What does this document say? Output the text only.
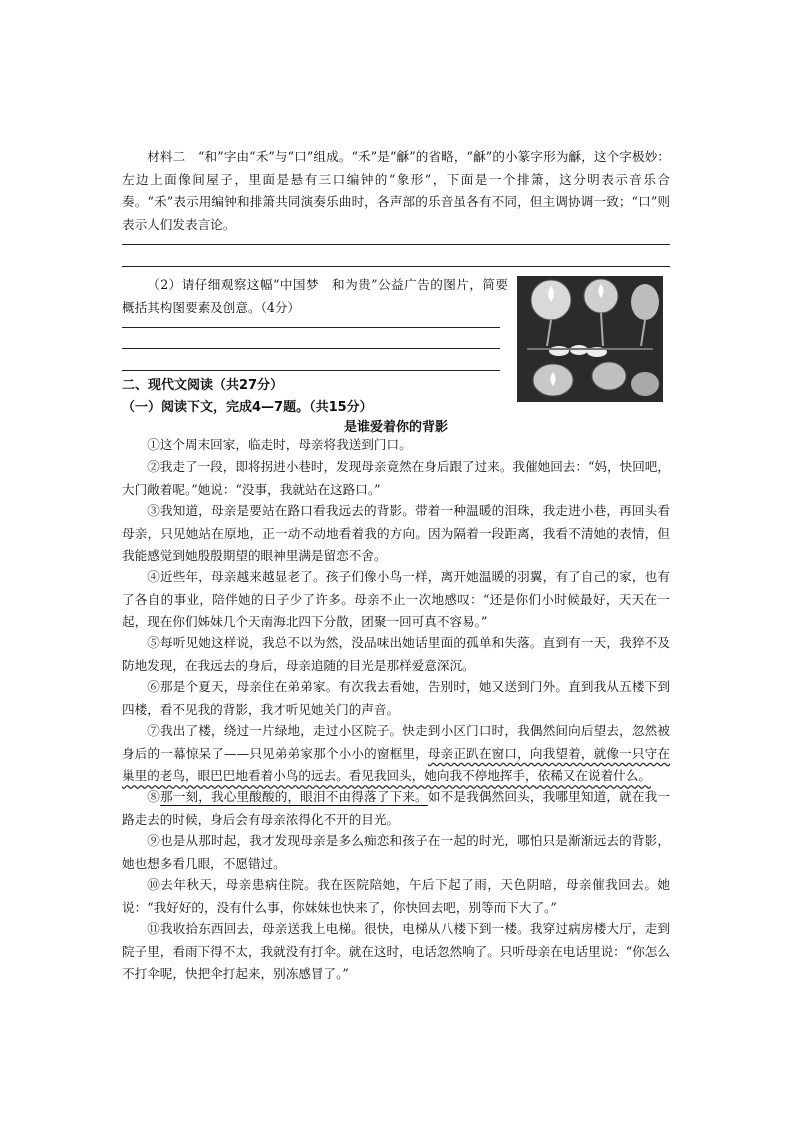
材料二　“和”字由“禾”与“口”组成。“禾”是“龢”的省略，“龢”的小篆字形为龢，这个字极妙：左边上面像间屋子，里面是悬有三口编钟的“象形”，下面是一个排箫，这分明表示音乐合奏。“禾”表示用编钟和排箫共同演奏乐曲时，各声部的乐音虽各有不同，但主调协调一致；“口”则表示人们发表言论。
（2）请仔细观察这幅“中国梦　和为贵”公益广告的图片，简要概括其构图要素及创意。（4分）
二、现代文阅读（共27分）
（一）阅读下文，完成4—7题。（共15分）
是谁爱着你的背影
①这个周末回家，临走时，母亲将我送到门口。
②我走了一段，即将拐进小巷时，发现母亲竟然在身后跟了过来。我催她回去：“妈，快回吧，大门敞着呢。”她说：“没事，我就站在这路口。”
③我知道，母亲是要站在路口看我远去的背影。带着一种温暖的泪珠，我走进小巷，再回头看母亲，只见她站在原地，正一动不动地看着我的方向。因为隔着一段距离，我看不清她的表情，但我能感觉到她殷殷期望的眼神里满是留恋不舍。
④近些年，母亲越来越显老了。孩子们像小鸟一样，离开她温暖的羽翼，有了自己的家，也有了各自的事业，陪伴她的日子少了许多。母亲不止一次地感叹：“还是你们小时候最好，天天在一起，现在你们姊妹几个天南海北四下分散，团聚一回可真不容易。”
⑤每听见她这样说，我总不以为然，没品味出她话里面的孤单和失落。直到有一天，我猝不及防地发现，在我远去的身后，母亲追随的目光是那样爱意深沉。
⑥那是个夏天，母亲住在弟弟家。有次我去看她，告别时，她又送到门外。直到我从五楼下到四楼，看不见我的背影，我才听见她关门的声音。
⑦我出了楼，绕过一片绿地，走过小区院子。快走到小区门口时，我偶然间向后望去，忽然被身后的一幕惊呆了——只见弟弟家那个小小的窗框里，母亲正趴在窗口，向我望着，就像一只守在巢里的老鸟，眼巴巴地看着小鸟的远去。看见我回头，她向我不停地挥手，依稀又在说着什么。
⑧那一刻，我心里酸酸的，眼泪不由得落了下来。如不是我偶然回头，我哪里知道，就在我一路走去的时候，身后会有母亲浓得化不开的目光。
⑨也是从那时起，我才发现母亲是多么痴恋和孩子在一起的时光，哪怕只是渐渐远去的背影，她也想多看几眼，不愿错过。
⑩去年秋天，母亲患病住院。我在医院陪她，午后下起了雨，天色阴暗，母亲催我回去。她说：“我好好的，没有什么事，你妹妹也快来了，你快回去吧，别等而下大了。”
⑪我收拾东西回去，母亲送我上电梯。很快，电梯从八楼下到一楼。我穿过病房楼大厅，走到院子里，看雨下得不太，我就没有打伞。就在这时，电话忽然响了。只听母亲在电话里说：“你怎么不打伞呢，快把伞打起来，别冻感冒了。”
